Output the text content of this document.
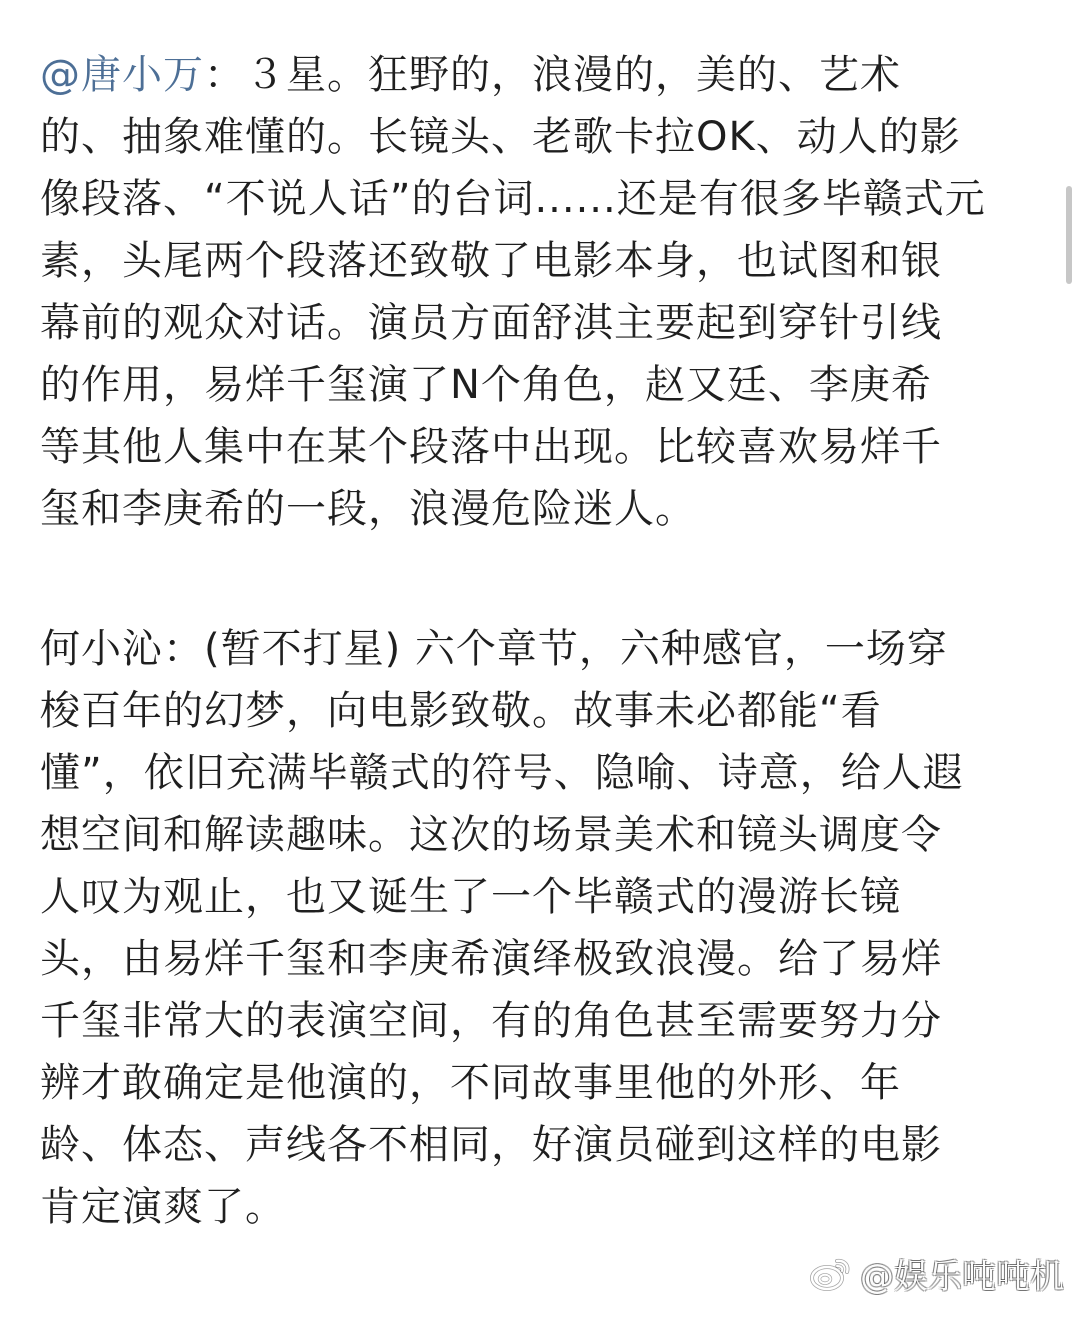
@唐小万：３星。狂野的，浪漫的，美的、艺术
的、抽象难懂的。长镜头、老歌卡拉OK、动人的影
像段落、“不说人话”的台词......还是有很多毕赣式元
素，头尾两个段落还致敬了电影本身，也试图和银
幕前的观众对话。演员方面舒淇主要起到穿针引线
的作用，易烊千玺演了N个角色，赵又廷、李庚希
等其他人集中在某个段落中出现。比较喜欢易烊千
玺和李庚希的一段，浪漫危险迷人。
何小沁：(暂不打星) 六个章节，六种感官，一场穿
梭百年的幻梦，向电影致敬。故事未必都能“看
懂”，依旧充满毕赣式的符号、隐喻、诗意，给人遐
想空间和解读趣味。这次的场景美术和镜头调度令
人叹为观止，也又诞生了一个毕赣式的漫游长镜
头，由易烊千玺和李庚希演绎极致浪漫。给了易烊
千玺非常大的表演空间，有的角色甚至需要努力分
辨才敢确定是他演的，不同故事里他的外形、年
龄、体态、声线各不相同，好演员碰到这样的电影
肯定演爽了。
@娱乐吨吨机
